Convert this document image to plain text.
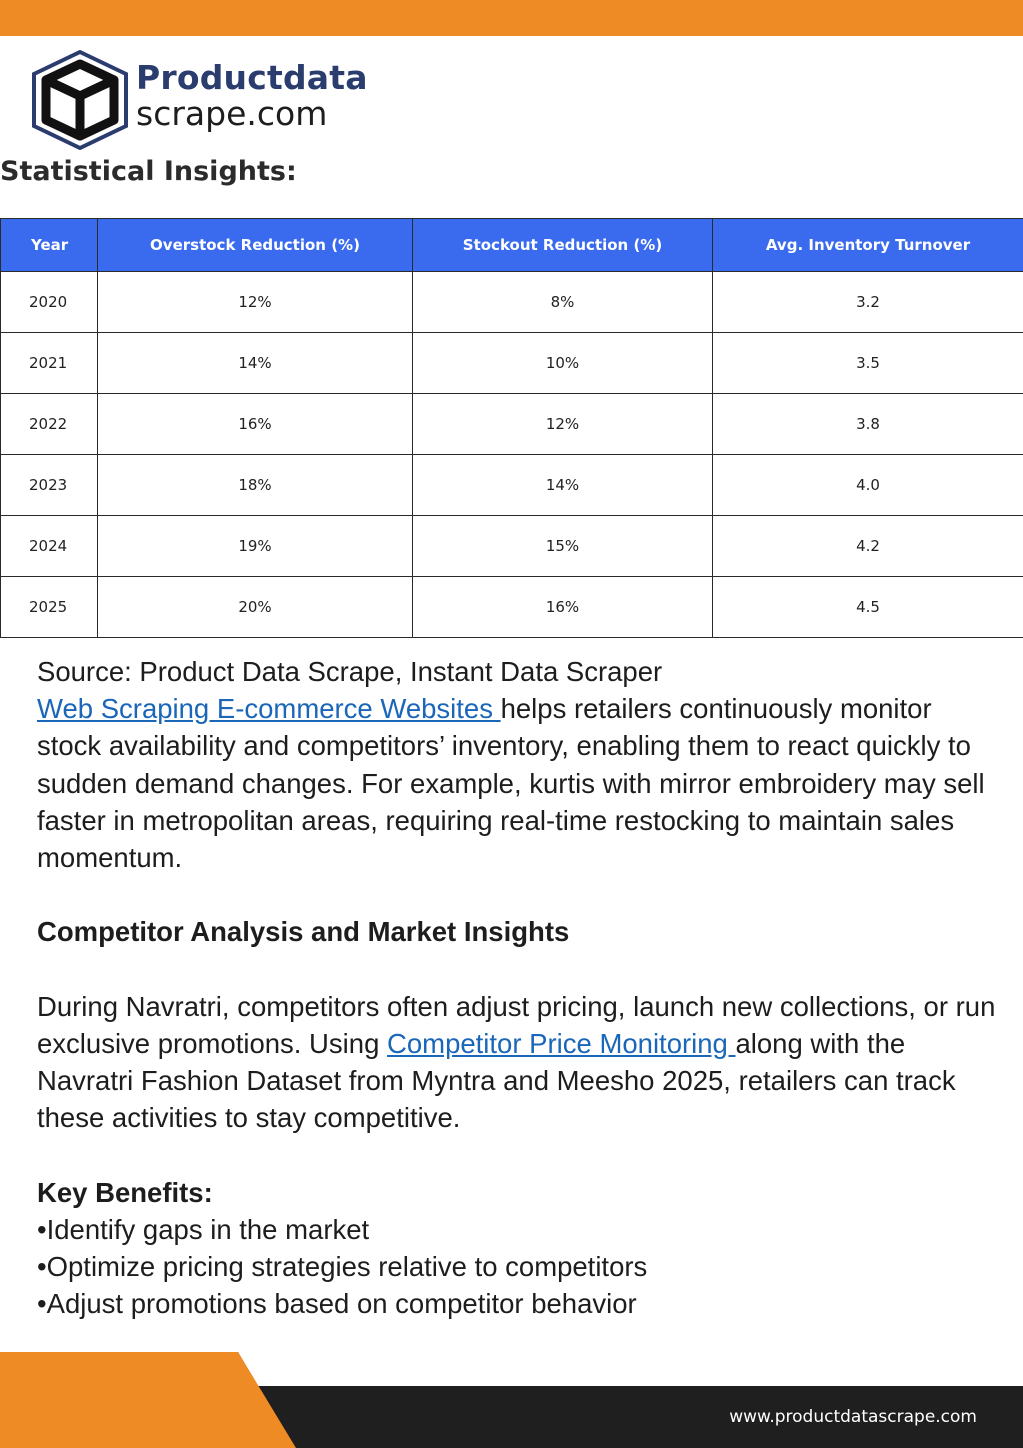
Productdata
scrape.com
Statistical Insights:
Year	Overstock Reduction (%)	Stockout Reduction (%)	Avg. Inventory Turnover
2020	12%	8%	3.2
2021	14%	10%	3.5
2022	16%	12%	3.8
2023	18%	14%	4.0
2024	19%	15%	4.2
2025	20%	16%	4.5

Source: Product Data Scrape, Instant Data Scraper

Web Scraping E-commerce Websites helps retailers continuously monitor stock availability and competitors’ inventory, enabling them to react quickly to sudden demand changes. For example, kurtis with mirror embroidery may sell faster in metropolitan areas, requiring real-time restocking to maintain sales momentum.

Competitor Analysis and Market Insights

During Navratri, competitors often adjust pricing, launch new collections, or run exclusive promotions. Using Competitor Price Monitoring along with the Navratri Fashion Dataset from Myntra and Meesho 2025, retailers can track these activities to stay competitive.

Key Benefits:

•Identify gaps in the market

•Optimize pricing strategies relative to competitors

•Adjust promotions based on competitor behavior

www.productdatascrape.com
